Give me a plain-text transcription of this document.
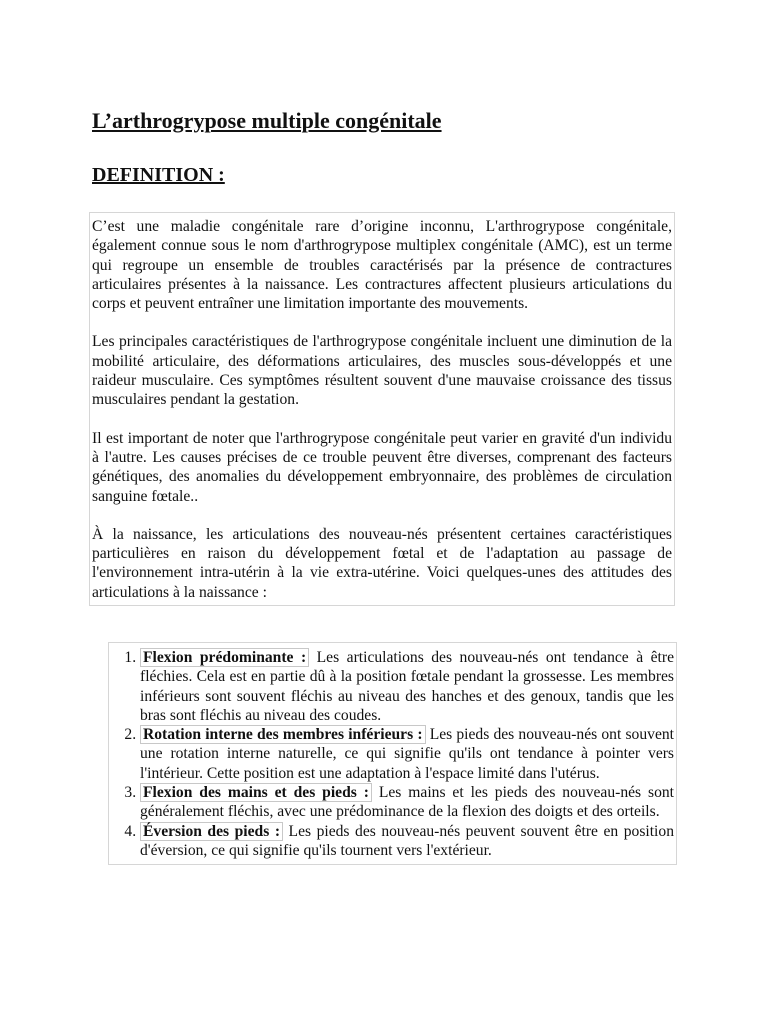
L’arthrogrypose multiple congénitale
DEFINITION :

C’est une maladie congénitale rare d’origine inconnu, L'arthrogrypose congénitale, également connue sous le nom d'arthrogrypose multiplex congénitale (AMC), est un terme qui regroupe un ensemble de troubles caractérisés par la présence de contractures articulaires présentes à la naissance. Les contractures affectent plusieurs articulations du corps et peuvent entraîner une limitation importante des mouvements.

Les principales caractéristiques de l'arthrogrypose congénitale incluent une diminution de la mobilité articulaire, des déformations articulaires, des muscles sous-développés et une raideur musculaire. Ces symptômes résultent souvent d'une mauvaise croissance des tissus musculaires pendant la gestation.

Il est important de noter que l'arthrogrypose congénitale peut varier en gravité d'un individu à l'autre. Les causes précises de ce trouble peuvent être diverses, comprenant des facteurs génétiques, des anomalies du développement embryonnaire, des problèmes de circulation sanguine fœtale..

À la naissance, les articulations des nouveau-nés présentent certaines caractéristiques particulières en raison du développement fœtal et de l'adaptation au passage de l'environnement intra-utérin à la vie extra-utérine. Voici quelques-unes des attitudes des articulations à la naissance :

1. Flexion prédominante : Les articulations des nouveau-nés ont tendance à être fléchies. Cela est en partie dû à la position fœtale pendant la grossesse. Les membres inférieurs sont souvent fléchis au niveau des hanches et des genoux, tandis que les bras sont fléchis au niveau des coudes.
2. Rotation interne des membres inférieurs : Les pieds des nouveau-nés ont souvent une rotation interne naturelle, ce qui signifie qu'ils ont tendance à pointer vers l'intérieur. Cette position est une adaptation à l'espace limité dans l'utérus.
3. Flexion des mains et des pieds : Les mains et les pieds des nouveau-nés sont généralement fléchis, avec une prédominance de la flexion des doigts et des orteils.
4. Éversion des pieds : Les pieds des nouveau-nés peuvent souvent être en position d'éversion, ce qui signifie qu'ils tournent vers l'extérieur.
